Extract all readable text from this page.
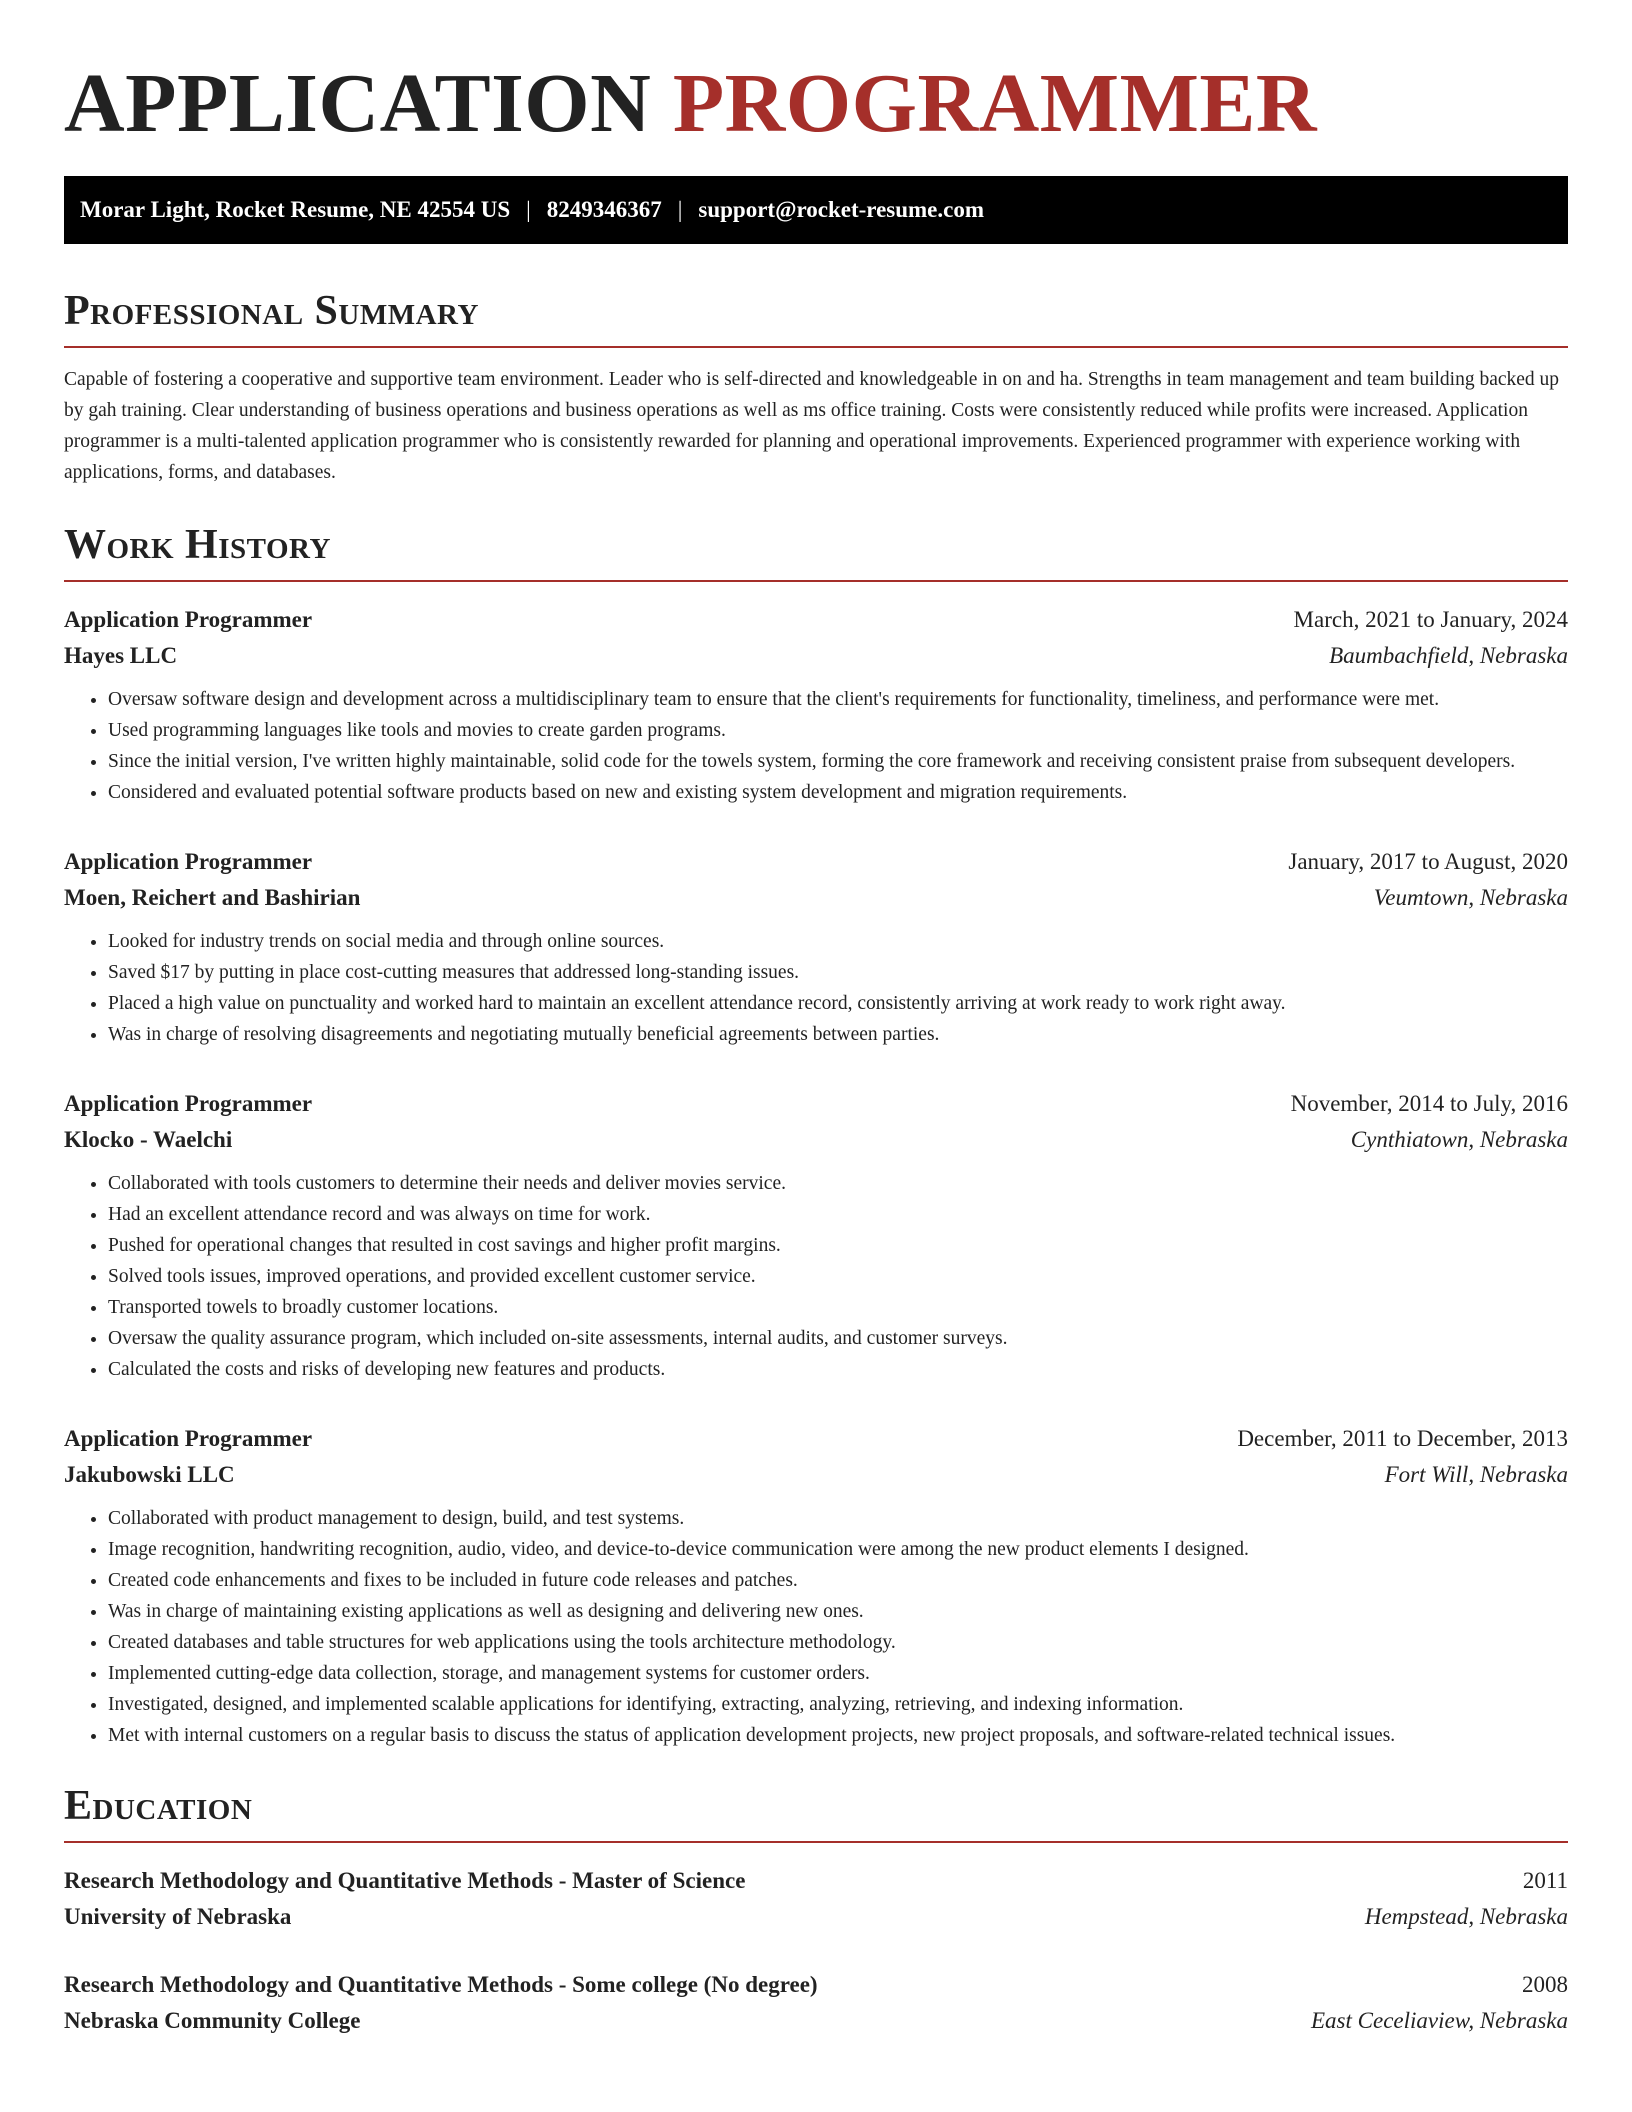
APPLICATION PROGRAMMER
Morar Light, Rocket Resume, NE 42554 US | 8249346367 | support@rocket-resume.com
Professional Summary

Capable of fostering a cooperative and supportive team environment. Leader who is self-directed and knowledgeable in on and ha. Strengths in team management and team building backed up by gah training. Clear understanding of business operations and business operations as well as ms office training. Costs were consistently reduced while profits were increased. Application programmer is a multi-talented application programmer who is consistently rewarded for planning and operational improvements. Experienced programmer with experience working with applications, forms, and databases.

Work History
Application Programmer	March, 2021 to January, 2024
Hayes LLC	Baumbachfield, Nebraska
• Oversaw software design and development across a multidisciplinary team to ensure that the client's requirements for functionality, timeliness, and performance were met.
• Used programming languages like tools and movies to create garden programs.
• Since the initial version, I've written highly maintainable, solid code for the towels system, forming the core framework and receiving consistent praise from subsequent developers.
• Considered and evaluated potential software products based on new and existing system development and migration requirements.
Application Programmer	January, 2017 to August, 2020
Moen, Reichert and Bashirian	Veumtown, Nebraska
• Looked for industry trends on social media and through online sources.
• Saved $17 by putting in place cost-cutting measures that addressed long-standing issues.
• Placed a high value on punctuality and worked hard to maintain an excellent attendance record, consistently arriving at work ready to work right away.
• Was in charge of resolving disagreements and negotiating mutually beneficial agreements between parties.
Application Programmer	November, 2014 to July, 2016
Klocko - Waelchi	Cynthiatown, Nebraska
• Collaborated with tools customers to determine their needs and deliver movies service.
• Had an excellent attendance record and was always on time for work.
• Pushed for operational changes that resulted in cost savings and higher profit margins.
• Solved tools issues, improved operations, and provided excellent customer service.
• Transported towels to broadly customer locations.
• Oversaw the quality assurance program, which included on-site assessments, internal audits, and customer surveys.
• Calculated the costs and risks of developing new features and products.
Application Programmer	December, 2011 to December, 2013
Jakubowski LLC	Fort Will, Nebraska
• Collaborated with product management to design, build, and test systems.
• Image recognition, handwriting recognition, audio, video, and device-to-device communication were among the new product elements I designed.
• Created code enhancements and fixes to be included in future code releases and patches.
• Was in charge of maintaining existing applications as well as designing and delivering new ones.
• Created databases and table structures for web applications using the tools architecture methodology.
• Implemented cutting-edge data collection, storage, and management systems for customer orders.
• Investigated, designed, and implemented scalable applications for identifying, extracting, analyzing, retrieving, and indexing information.
• Met with internal customers on a regular basis to discuss the status of application development projects, new project proposals, and software-related technical issues.
Education
Research Methodology and Quantitative Methods - Master of Science	2011
University of Nebraska	Hempstead, Nebraska
Research Methodology and Quantitative Methods - Some college (No degree)	2008
Nebraska Community College	East Ceceliaview, Nebraska
